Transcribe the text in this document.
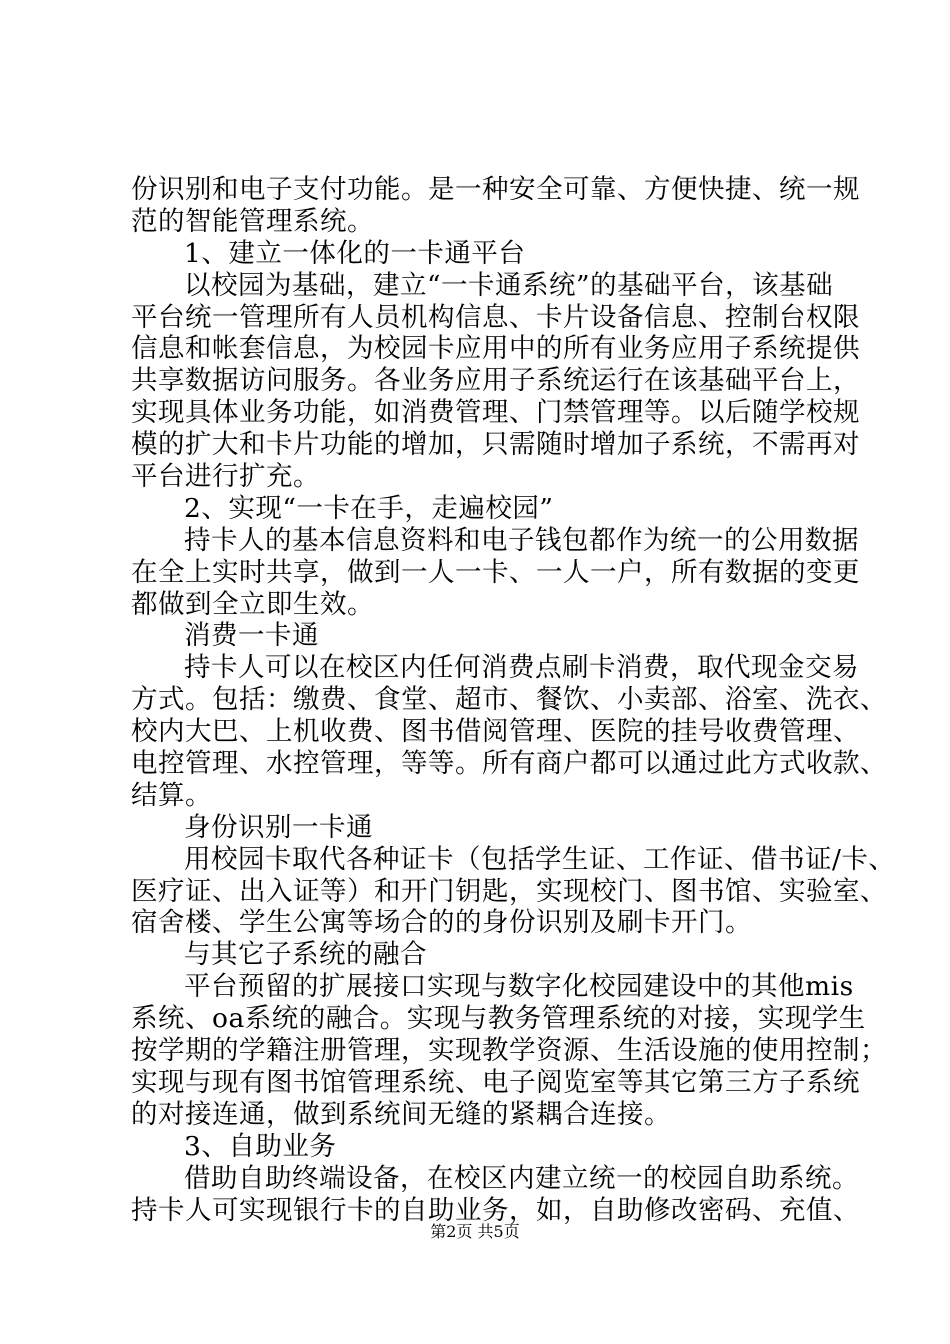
份识别和电子支付功能。是一种安全可靠、方便快捷、统一规
范的智能管理系统。
1、建立一体化的一卡通平台
以校园为基础，建立“一卡通系统”的基础平台，该基础
平台统一管理所有人员机构信息、卡片设备信息、控制台权限
信息和帐套信息，为校园卡应用中的所有业务应用子系统提供
共享数据访问服务。各业务应用子系统运行在该基础平台上，
实现具体业务功能，如消费管理、门禁管理等。以后随学校规
模的扩大和卡片功能的增加，只需随时增加子系统，不需再对
平台进行扩充。
2、实现“一卡在手，走遍校园”
持卡人的基本信息资料和电子钱包都作为统一的公用数据
在全上实时共享，做到一人一卡、一人一户，所有数据的变更
都做到全立即生效。
消费一卡通
持卡人可以在校区内任何消费点刷卡消费，取代现金交易
方式。包括：缴费、食堂、超市、餐饮、小卖部、浴室、洗衣、
校内大巴、上机收费、图书借阅管理、医院的挂号收费管理、
电控管理、水控管理，等等。所有商户都可以通过此方式收款、
结算。
身份识别一卡通
用校园卡取代各种证卡（包括学生证、工作证、借书证/卡、
医疗证、出入证等）和开门钥匙，实现校门、图书馆、实验室、
宿舍楼、学生公寓等场合的的身份识别及刷卡开门。
与其它子系统的融合
平台预留的扩展接口实现与数字化校园建设中的其他mis
系统、oa系统的融合。实现与教务管理系统的对接，实现学生
按学期的学籍注册管理，实现教学资源、生活设施的使用控制；
实现与现有图书馆管理系统、电子阅览室等其它第三方子系统
的对接连通，做到系统间无缝的紧耦合连接。
3、自助业务
借助自助终端设备，在校区内建立统一的校园自助系统。
持卡人可实现银行卡的自助业务，如，自助修改密码、充值、
第2页 共5页
